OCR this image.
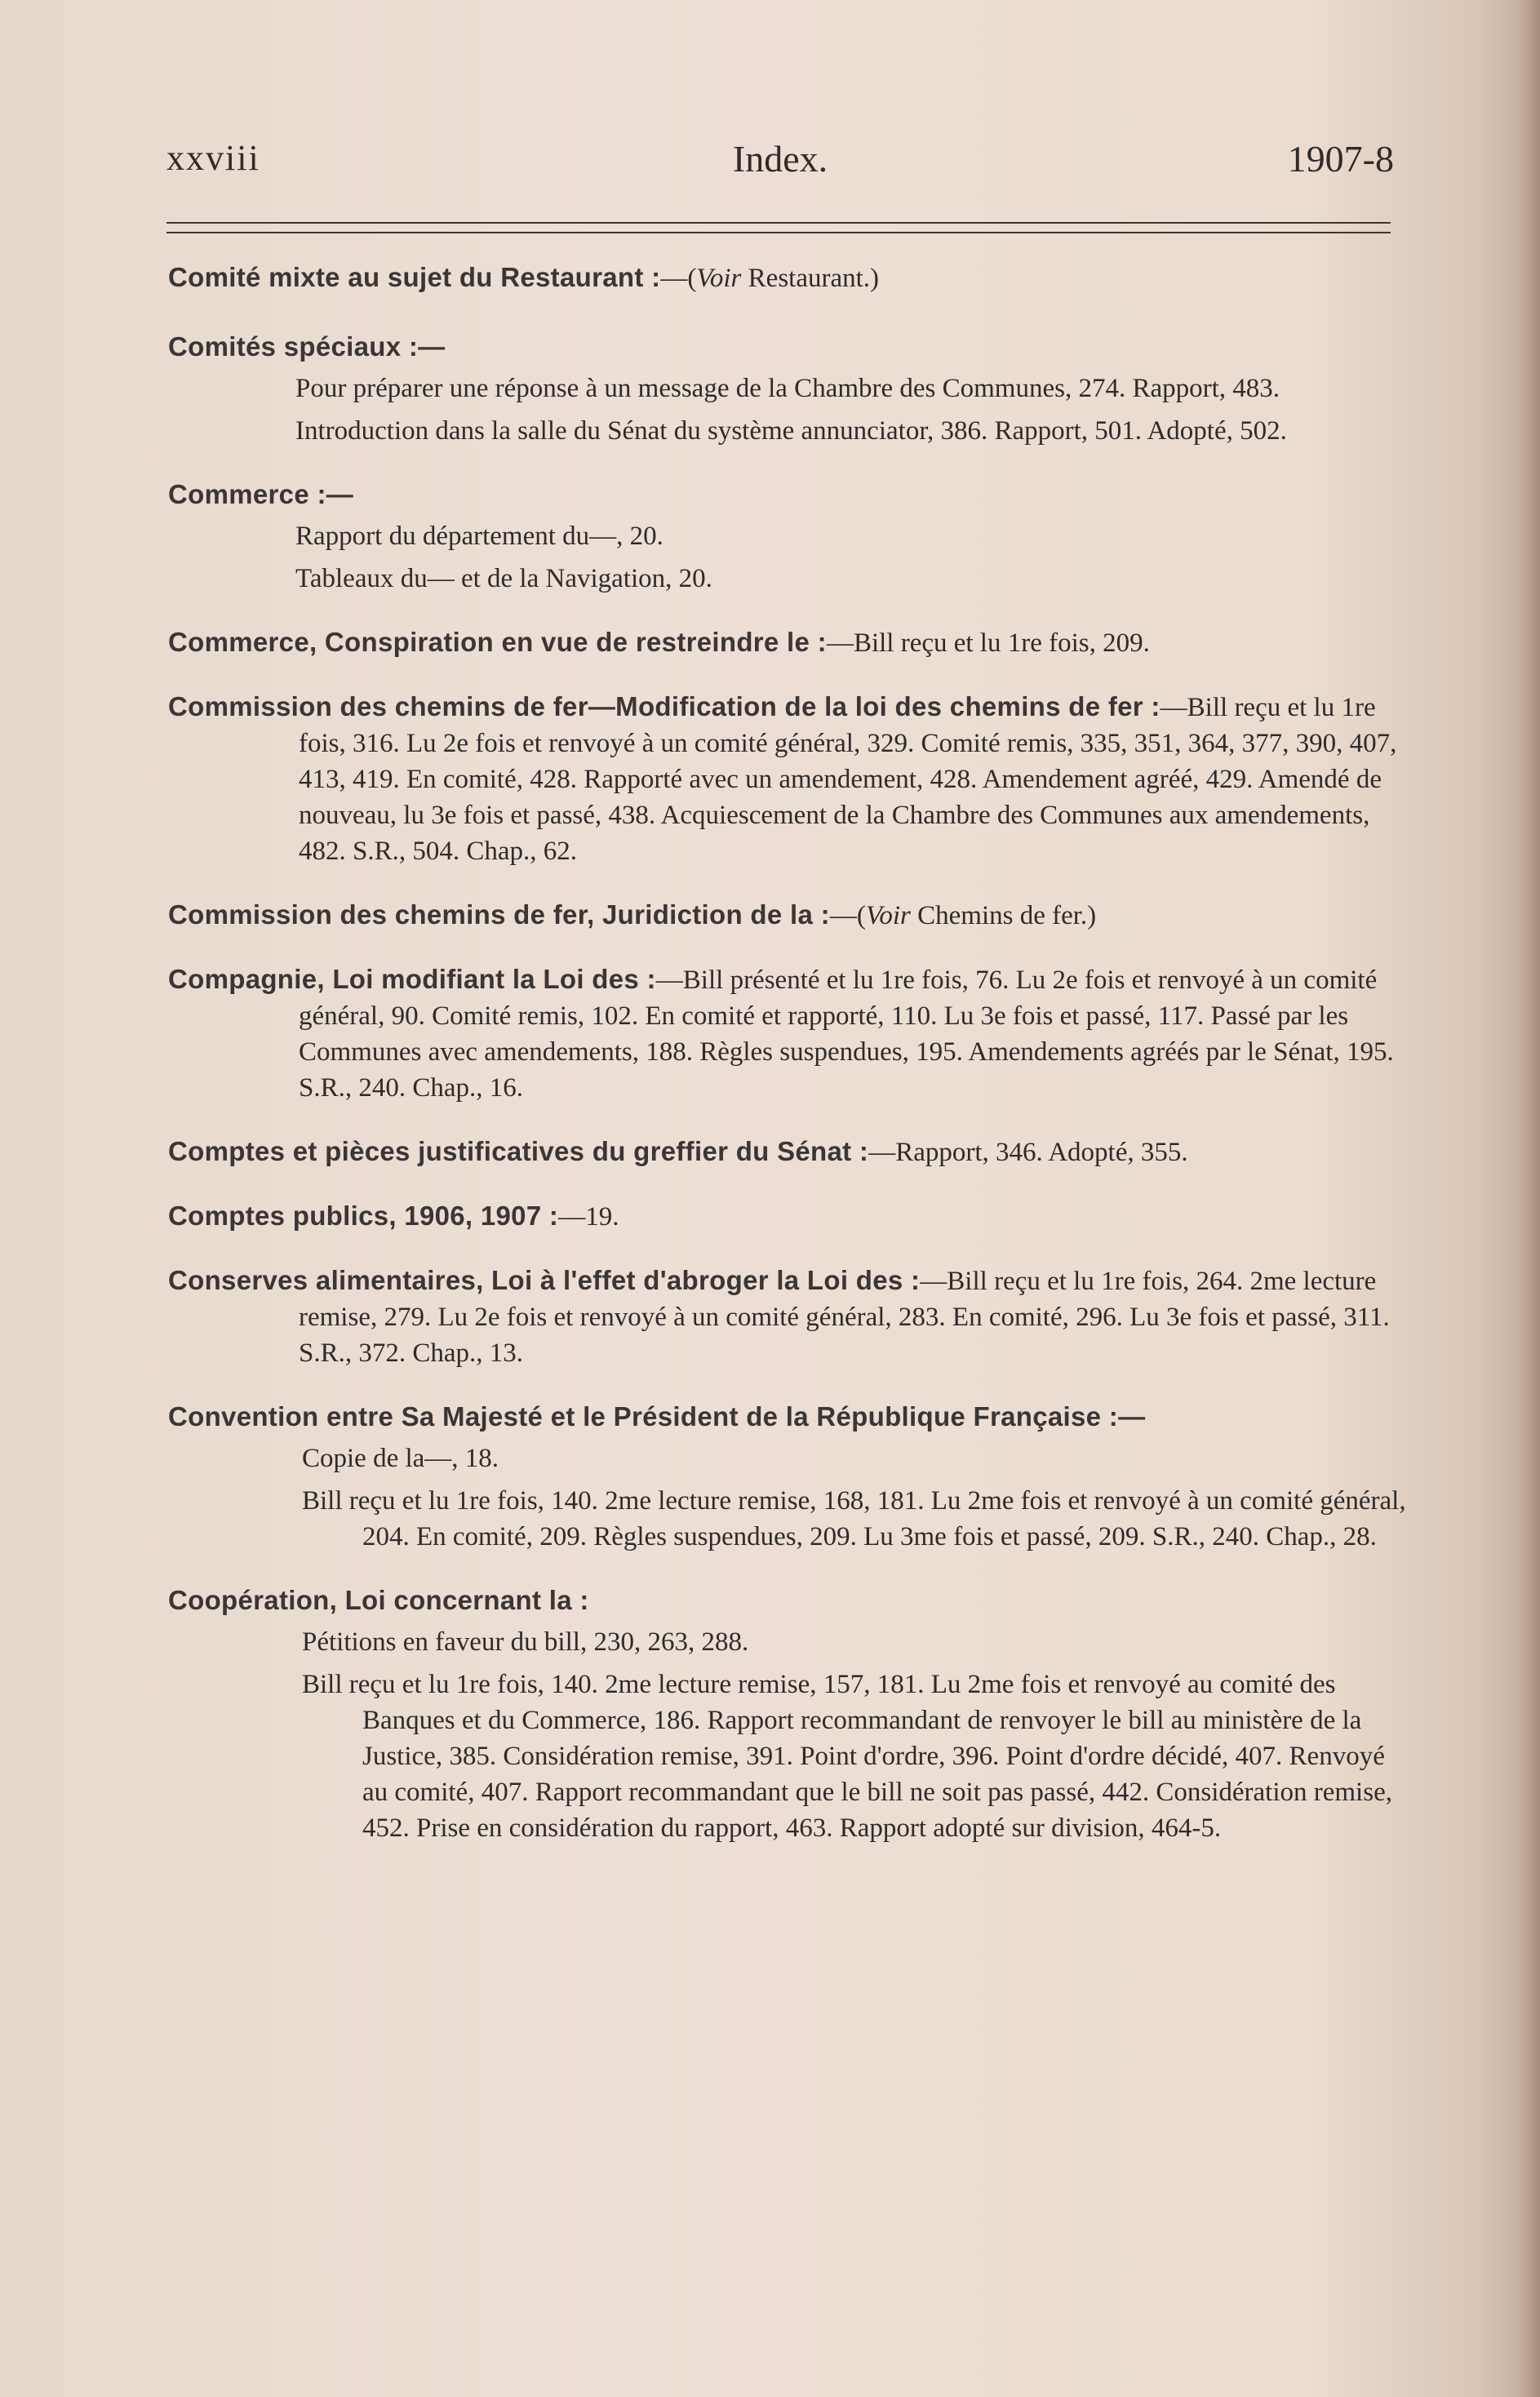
Index.
xxviii	1907-8

Comité mixte au sujet du Restaurant :—(Voir Restaurant.)

Comités spéciaux :—

Pour préparer une réponse à un message de la Chambre des Communes, 274. Rapport, 483.

Introduction dans la salle du Sénat du système annunciator, 386. Rapport, 501. Adopté, 502.

Commerce :—

Rapport du département du—, 20.

Tableaux du— et de la Navigation, 20.

Commerce, Conspiration en vue de restreindre le :—Bill reçu et lu 1re fois, 209.

Commission des chemins de fer—Modification de la loi des chemins de fer :—Bill reçu et lu 1re fois, 316. Lu 2e fois et renvoyé à un comité général, 329. Comité remis, 335, 351, 364, 377, 390, 407, 413, 419. En comité, 428. Rapporté avec un amendement, 428. Amendement agréé, 429. Amendé de nouveau, lu 3e fois et passé, 438. Acquiescement de la Chambre des Communes aux amendements, 482. S.R., 504. Chap., 62.

Commission des chemins de fer, Juridiction de la :—(Voir Chemins de fer.)

Compagnie, Loi modifiant la Loi des :—Bill présenté et lu 1re fois, 76. Lu 2e fois et renvoyé à un comité général, 90. Comité remis, 102. En comité et rapporté, 110. Lu 3e fois et passé, 117. Passé par les Communes avec amendements, 188. Règles suspendues, 195. Amendements agréés par le Sénat, 195. S.R., 240. Chap., 16.

Comptes et pièces justificatives du greffier du Sénat :—Rapport, 346. Adopté, 355.

Comptes publics, 1906, 1907 :—19.

Conserves alimentaires, Loi à l'effet d'abroger la Loi des :—Bill reçu et lu 1re fois, 264. 2me lecture remise, 279. Lu 2e fois et renvoyé à un comité général, 283. En comité, 296. Lu 3e fois et passé, 311. S.R., 372. Chap., 13.

Convention entre Sa Majesté et le Président de la République Française :—

Copie de la—, 18.

Bill reçu et lu 1re fois, 140. 2me lecture remise, 168, 181. Lu 2me fois et renvoyé à un comité général, 204. En comité, 209. Règles suspendues, 209. Lu 3me fois et passé, 209. S.R., 240. Chap., 28.

Coopération, Loi concernant la :

Pétitions en faveur du bill, 230, 263, 288.

Bill reçu et lu 1re fois, 140. 2me lecture remise, 157, 181. Lu 2me fois et renvoyé au comité des Banques et du Commerce, 186. Rapport recommandant de renvoyer le bill au ministère de la Justice, 385. Considération remise, 391. Point d'ordre, 396. Point d'ordre décidé, 407. Renvoyé au comité, 407. Rapport recommandant que le bill ne soit pas passé, 442. Considération remise, 452. Prise en considération du rapport, 463. Rapport adopté sur division, 464-5.
